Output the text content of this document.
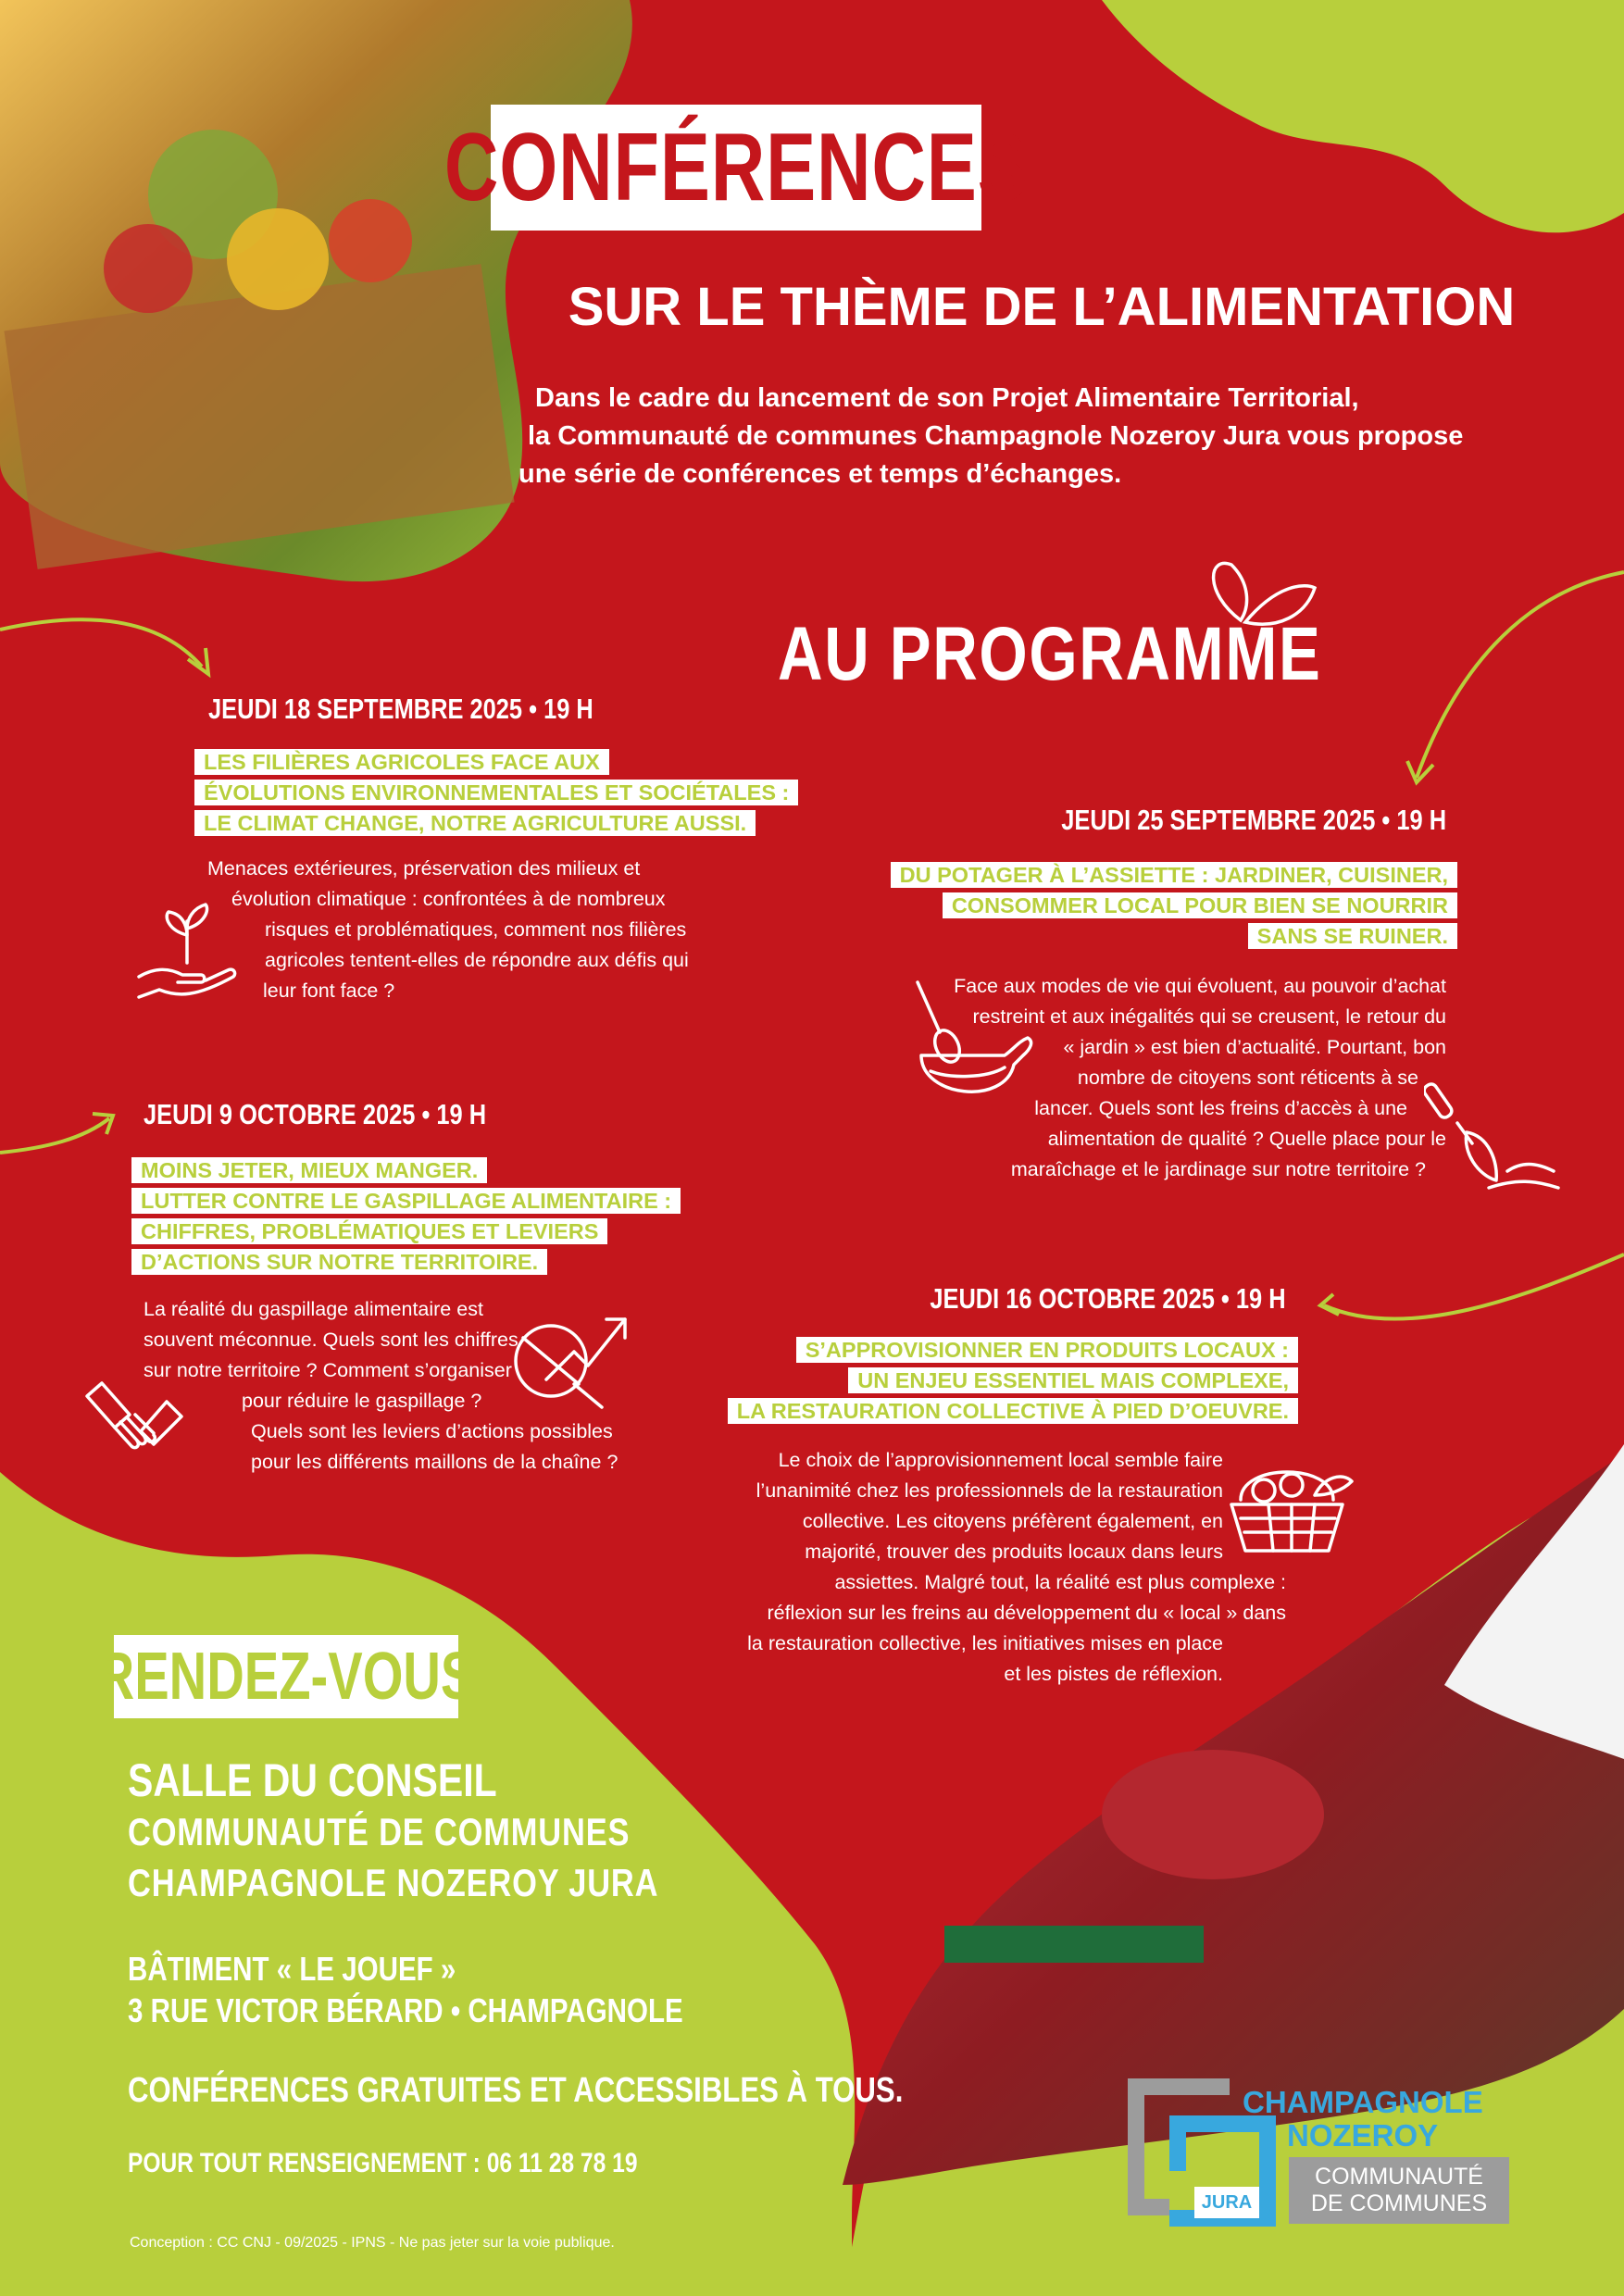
CONFÉRENCES
SUR LE THÈME DE L’ALIMENTATION
Dans le cadre du lancement de son Projet Alimentaire Territorial,
la Communauté de communes Champagnole Nozeroy Jura vous propose
une série de conférences et temps d’échanges.
AU PROGRAMME
JEUDI 18 SEPTEMBRE 2025 • 19 H
LES FILIÈRES AGRICOLES FACE AUX
ÉVOLUTIONS ENVIRONNEMENTALES ET SOCIÉTALES :
LE CLIMAT CHANGE, NOTRE AGRICULTURE AUSSI.
Menaces extérieures, préservation des milieux et
évolution climatique : confrontées à de nombreux
risques et problématiques, comment nos filières
agricoles tentent-elles de répondre aux défis qui
leur font face ?
JEUDI 25 SEPTEMBRE 2025 • 19 H
DU POTAGER À L’ASSIETTE : JARDINER, CUISINER,
CONSOMMER LOCAL POUR BIEN SE NOURRIR
SANS SE RUINER.
Face aux modes de vie qui évoluent, au pouvoir d’achat
restreint et aux inégalités qui se creusent, le retour du
« jardin » est bien d’actualité. Pourtant, bon
nombre de citoyens sont réticents à se
lancer. Quels sont les freins d’accès à une
alimentation de qualité ? Quelle place pour le
maraîchage et le jardinage sur notre territoire ?
JEUDI 9 OCTOBRE 2025 • 19 H
MOINS JETER, MIEUX MANGER.
LUTTER CONTRE LE GASPILLAGE ALIMENTAIRE :
CHIFFRES, PROBLÉMATIQUES ET LEVIERS
D’ACTIONS SUR NOTRE TERRITOIRE.
La réalité du gaspillage alimentaire est
souvent méconnue. Quels sont les chiffres
sur notre territoire ? Comment s’organiser
pour réduire le gaspillage ?
Quels sont les leviers d’actions possibles
pour les différents maillons de la chaîne ?
JEUDI 16 OCTOBRE 2025 • 19 H
S’APPROVISIONNER EN PRODUITS LOCAUX :
UN ENJEU ESSENTIEL MAIS COMPLEXE,
LA RESTAURATION COLLECTIVE À PIED D’OEUVRE.
Le choix de l’approvisionnement local semble faire
l’unanimité chez les professionnels de la restauration
collective. Les citoyens préfèrent également, en
majorité, trouver des produits locaux dans leurs
assiettes. Malgré tout, la réalité est plus complexe :
réflexion sur les freins au développement du « local » dans
la restauration collective, les initiatives mises en place
et les pistes de réflexion.
RENDEZ-VOUS
SALLE DU CONSEIL
COMMUNAUTÉ DE COMMUNES
CHAMPAGNOLE NOZEROY JURA
BÂTIMENT « LE JOUEF »
3 RUE VICTOR BÉRARD • CHAMPAGNOLE
CONFÉRENCES GRATUITES ET ACCESSIBLES À TOUS.
POUR TOUT RENSEIGNEMENT : 06 11 28 78 19
Conception : CC CNJ - 09/2025 - IPNS - Ne pas jeter sur la voie publique.
JURA
CHAMPAGNOLE
NOZEROY
COMMUNAUTÉ
DE COMMUNES
